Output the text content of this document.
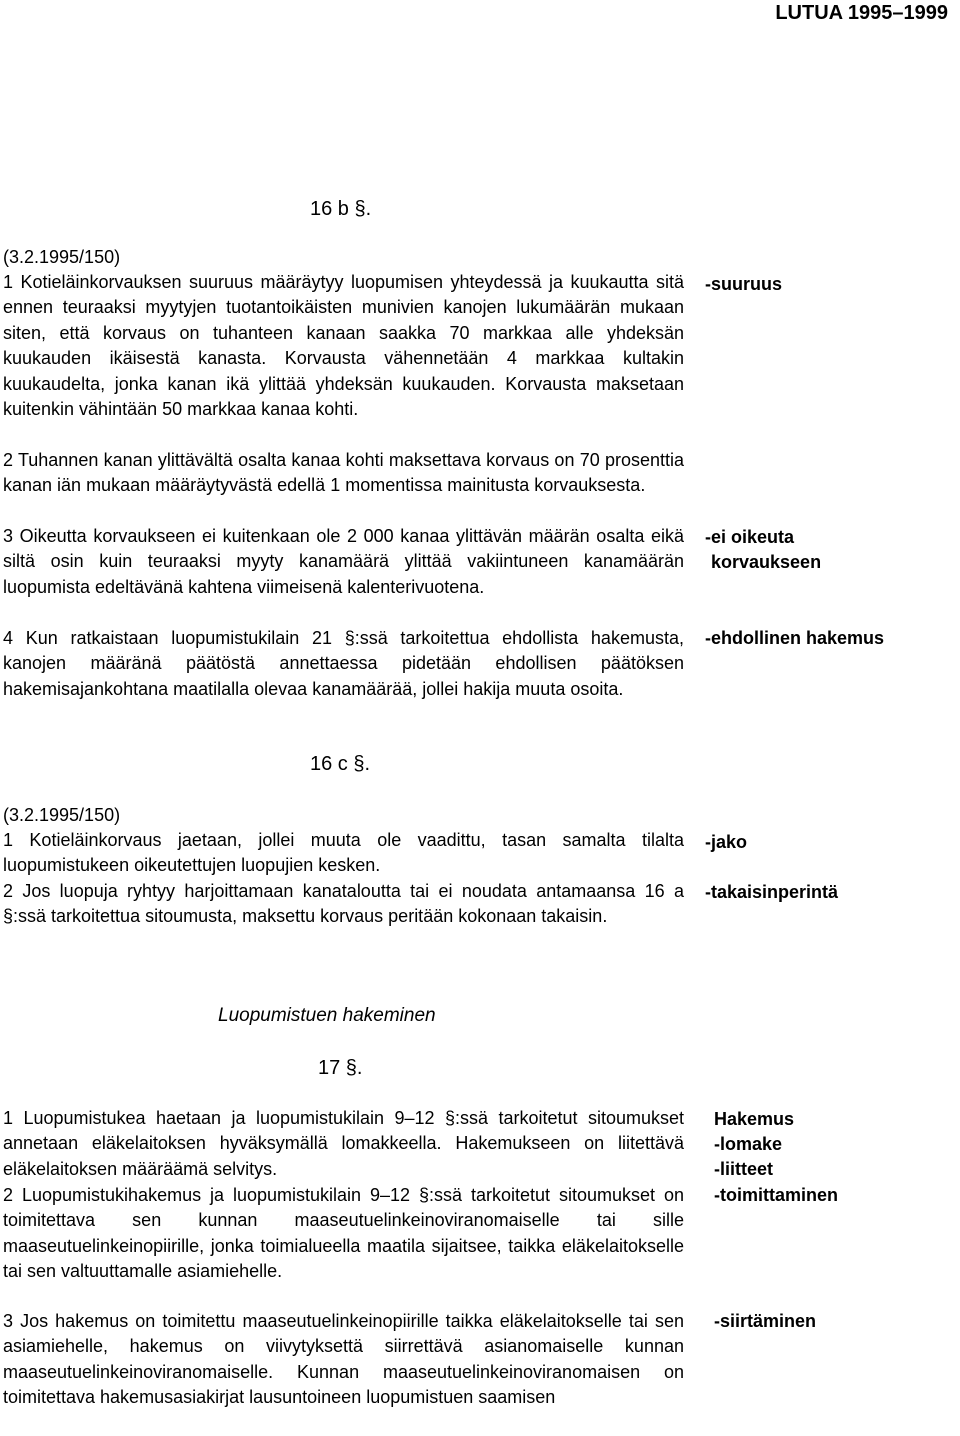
LUTUA 1995–1999
16 b §.
(3.2.1995/150)

1 Kotieläinkorvauksen suuruus määräytyy luopumisen yhteydessä ja kuukautta sitä ennen teuraaksi myytyjen tuotantoikäisten munivien kanojen lukumäärän mukaan siten, että korvaus on tuhanteen kanaan saakka 70 markkaa alle yhdeksän kuukauden ikäisestä kanasta. Korvausta vähennetään 4 markkaa kultakin kuukaudelta, jonka kanan ikä ylittää yhdeksän kuukauden. Korvausta maksetaan kuitenkin vähintään 50 markkaa kanaa kohti.

2 Tuhannen kanan ylittävältä osalta kanaa kohti maksettava korvaus on 70 prosenttia kanan iän mukaan määräytyvästä edellä 1 momentissa mainitusta korvauksesta.

3 Oikeutta korvaukseen ei kuitenkaan ole 2 000 kanaa ylittävän määrän osalta eikä siltä osin kuin teuraaksi myyty kanamäärä ylittää vakiintuneen kanamäärän luopumista edeltävänä kahtena viimeisenä kalenterivuotena.

4 Kun ratkaistaan luopumistukilain 21 §:ssä tarkoitettua ehdollista hakemusta, kanojen määränä päätöstä annettaessa pidetään ehdollisen päätöksen hakemisajankohtana maatilalla olevaa kanamäärää, jollei hakija muuta osoita.

-suuruus
-ei oikeuta
korvaukseen
-ehdollinen hakemus
16 c §.
(3.2.1995/150)

1 Kotieläinkorvaus jaetaan, jollei muuta ole vaadittu, tasan samalta tilalta luopumistukeen oikeutettujen luopujien kesken.

2 Jos luopuja ryhtyy harjoittamaan kanataloutta tai ei noudata antamaansa 16 a §:ssä tarkoitettua sitoumusta, maksettu korvaus peritään kokonaan takaisin.

-jako
-takaisinperintä
Luopumistuen hakeminen
17 §.

1 Luopumistukea haetaan ja luopumistukilain 9–12 §:ssä tarkoitetut sitoumukset annetaan eläkelaitoksen hyväksymällä lomakkeella. Hakemukseen on liitettävä eläkelaitoksen määräämä selvitys.

2 Luopumistukihakemus ja luopumistukilain 9–12 §:ssä tarkoitetut sitoumukset on toimitettava sen kunnan maaseutuelinkeinoviranomaiselle tai sille maaseutuelinkeinopiirille, jonka toimialueella maatila sijaitsee, taikka eläkelaitokselle tai sen valtuuttamalle asiamiehelle.

3 Jos hakemus on toimitettu maaseutuelinkeinopiirille taikka eläkelaitokselle tai sen asiamiehelle, hakemus on viivytyksettä siirrettävä asianomaiselle kunnan maaseutuelinkeinoviranomaiselle. Kunnan maaseutuelinkeinoviranomaisen on toimitettava hakemusasiakirjat lausuntoineen luopumistuen saamisen

Hakemus
-lomake
-liitteet
-toimittaminen
-siirtäminen
